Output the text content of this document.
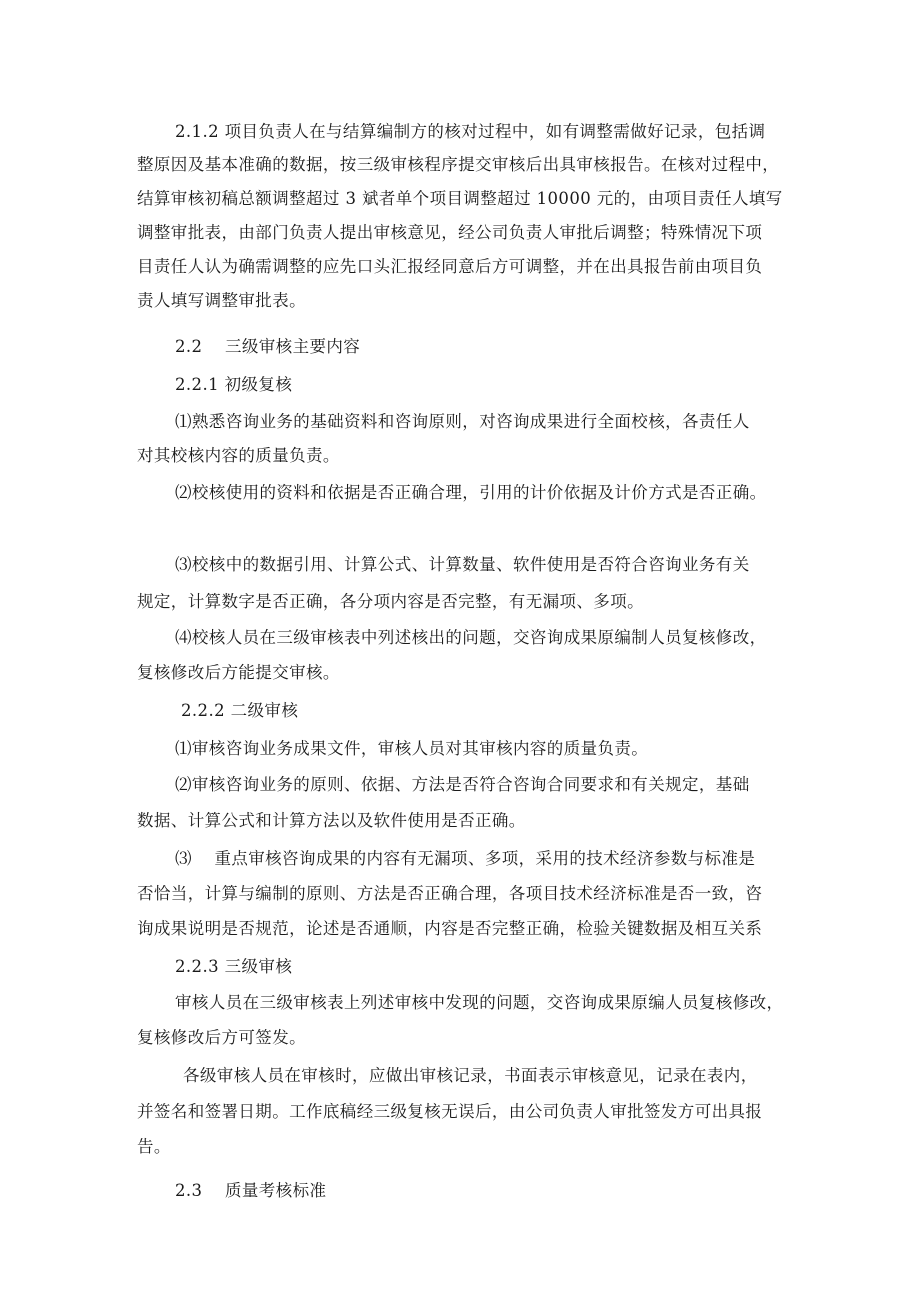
2.1.2 项目负责人在与结算编制方的核对过程中，如有调整需做好记录，包括调
整原因及基本准确的数据，按三级审核程序提交审核后出具审核报告。在核对过程中，
结算审核初稿总额调整超过 3 斌者单个项目调整超过 10000 元的，由项目责任人填写
调整审批表，由部门负责人提出审核意见，经公司负责人审批后调整；特殊情况下项
目责任人认为确需调整的应先口头汇报经同意后方可调整，并在出具报告前由项目负
责人填写调整审批表。
2.2　 三级审核主要内容
2.2.1 初级复核
⑴熟悉咨询业务的基础资料和咨询原则，对咨询成果进行全面校核，各责任人
对其校核内容的质量负责。
⑵校核使用的资料和依据是否正确合理，引用的计价依据及计价方式是否正确。
⑶校核中的数据引用、计算公式、计算数量、软件使用是否符合咨询业务有关
规定，计算数字是否正确，各分项内容是否完整，有无漏项、多项。
⑷校核人员在三级审核表中列述核出的问题，交咨询成果原编制人员复核修改，
复核修改后方能提交审核。
2.2.2 二级审核
⑴审核咨询业务成果文件，审核人员对其审核内容的质量负责。
⑵审核咨询业务的原则、依据、方法是否符合咨询合同要求和有关规定，基础
数据、计算公式和计算方法以及软件使用是否正确。
⑶　 重点审核咨询成果的内容有无漏项、多项，采用的技术经济参数与标准是
否恰当，计算与编制的原则、方法是否正确合理，各项目技术经济标准是否一致，咨
询成果说明是否规范，论述是否通顺，内容是否完整正确，检验关键数据及相互关系
2.2.3 三级审核
审核人员在三级审核表上列述审核中发现的问题，交咨询成果原编人员复核修改，
复核修改后方可签发。
各级审核人员在审核时，应做出审核记录，书面表示审核意见，记录在表内，
并签名和签署日期。工作底稿经三级复核无误后，由公司负责人审批签发方可出具报
告。
2.3　 质量考核标准
